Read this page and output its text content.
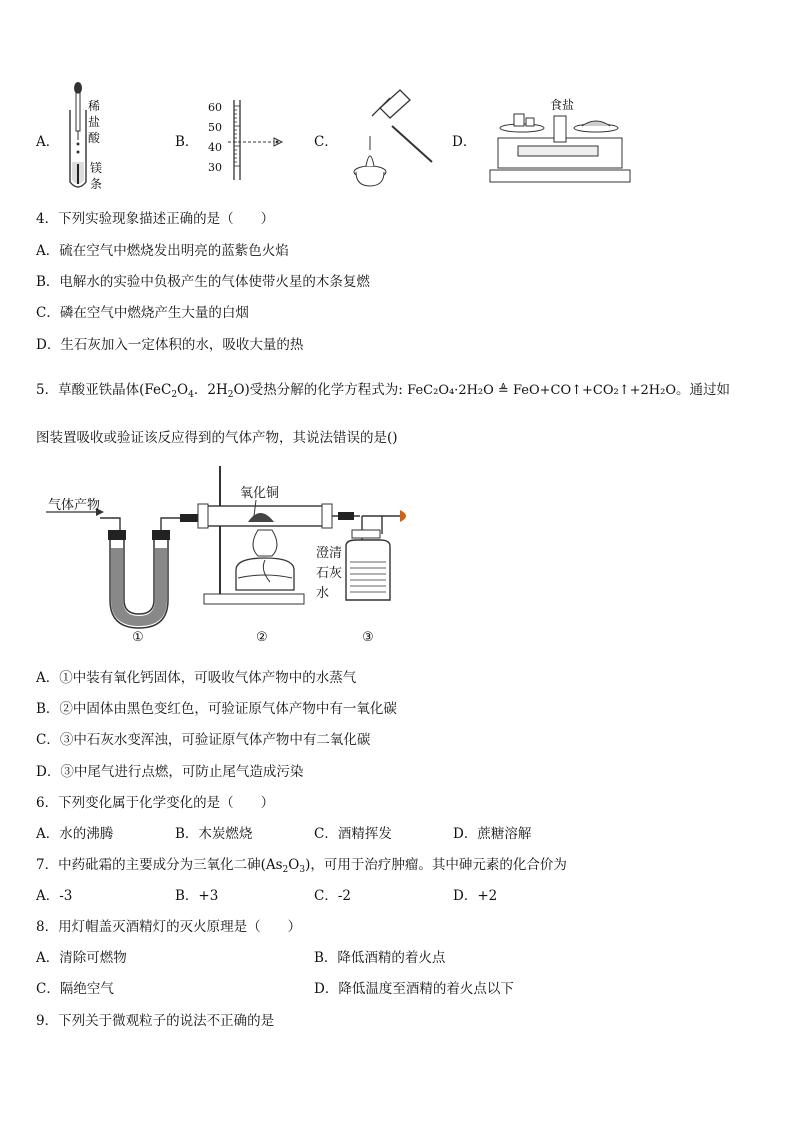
A．
稀
盐
酸
镁
条
B．
60
50
40
30
C．	D．
食盐
4．下列实验现象描述正确的是（　　）
A．硫在空气中燃烧发出明亮的蓝紫色火焰
B．电解水的实验中负极产生的气体使带火星的木条复燃
C．磷在空气中燃烧产生大量的白烟
D．生石灰加入一定体积的水，吸收大量的热
5．草酸亚铁晶体($FeC_2O_4$．$2H_2O$)受热分解的化学方程式为: FeC₂O₄·2H₂O ≜ FeO+CO↑+CO₂↑+2H₂O。通过如
图装置吸收或验证该反应得到的气体产物，其说法错误的是()
气体产物
氧化铜
澄清
石灰
水
①	②	③
A．①中装有氧化钙固体，可吸收气体产物中的水蒸气
B．②中固体由黑色变红色，可验证原气体产物中有一氧化碳
C．③中石灰水变浑浊，可验证原气体产物中有二氧化碳
D．③中尾气进行点燃，可防止尾气造成污染
6．下列变化属于化学变化的是（　　）
A．水的沸腾	B．木炭燃烧	C．酒精挥发	D．蔗糖溶解
7．中药砒霜的主要成分为三氧化二砷$(As_2O_3)$，可用于治疗肿瘤。其中砷元素的化合价为
A．-3	B．+3	C．-2	D．+2
8．用灯帽盖灭酒精灯的灭火原理是（　　）
A．清除可燃物	B．降低酒精的着火点
C．隔绝空气	D．降低温度至酒精的着火点以下
9．下列关于微观粒子的说法不正确的是
